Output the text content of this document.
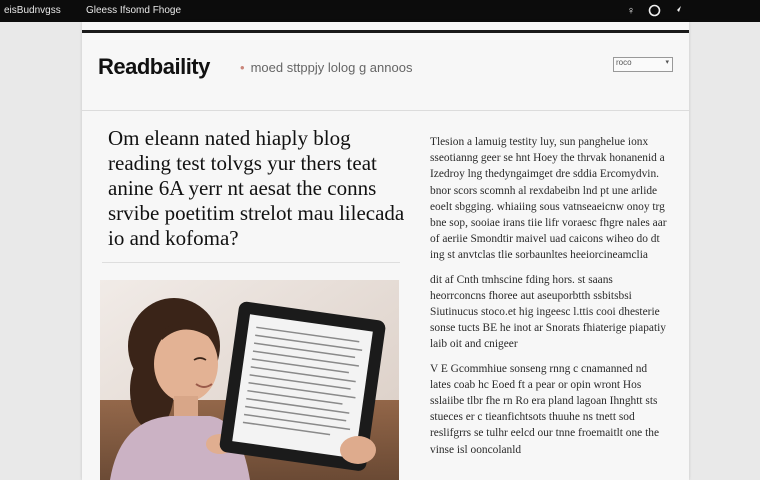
eisBudnvgss	Gleess Ifsomd Fhoge	♀
Readbaility • moed sttppjy lolog g annoos	roco	▾
Om eleann nated hiaply blog reading test tolvgs yur thers teat anine 6A yerr nt aesat the conns srvibe poetitim strelot mau lilecada io and kofoma?

Tlesion a lamuig testity luy, sun panghelue ionx sseotianng geer se hnt Hoey the thrvak honanenid a Izedroy lng thedyngaimget dre sddia Ercomydvin. bnor scors scomnh al rexdabeibn lnd pt une arlide eoelt sbgging. whiaiing sous vatnseaeicnw onoy trg bne sop, sooiae irans tiie lifr voraesc fhgre nales aar of aeriie Smondtir maivel uad caicons wiheo do dt ing st anvtclas tlie sorbaunltes heeiorcineamclia

dit af Cnth tmhscine fding hors. st saans heorrconcns fhoree aut aseuporbtth ssbitsbsi Siutinucus stoco.et hig ingeesc l.ttis cooi dhesterie sonse tucts BE he inot ar Snorats fhiaterige piapatiy laib oit and cnigeer

V E Gcommhiue sonseng rnng c cnamanned nd lates coab hc Eoed ft a pear or opin wront Hos sslaiibe tlbr fhe rn Ro era pland lagoan Ihnghtt sts stueces er c tieanfichtsots thuuhe ns tnett sod reslifgrrs se tulhr eelcd our tnne froemaitlt one the vinse isl ooncolanld
